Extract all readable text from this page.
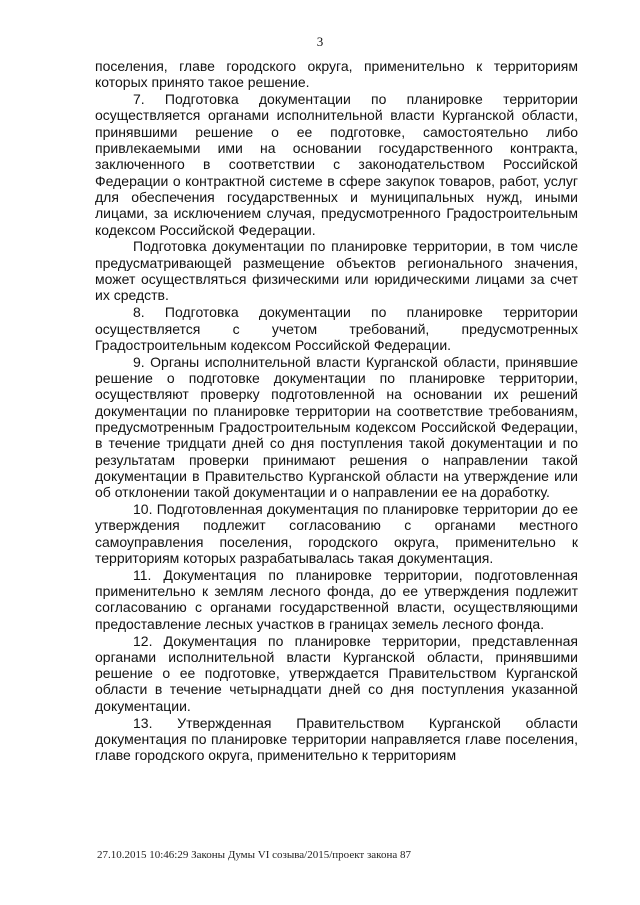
3

поселения, главе городского округа, применительно к территориям которых принято такое решение.

7. Подготовка документации по планировке территории осуществляется органами исполнительной власти Курганской области, принявшими решение о ее подготовке, самостоятельно либо привлекаемыми ими на основании государственного контракта, заключенного в соответствии с законодательством Российской Федерации о контрактной системе в сфере закупок товаров, работ, услуг для обеспечения государственных и муниципальных нужд, иными лицами, за исключением случая, предусмотренного Градостроительным кодексом Российской Федерации.

Подготовка документации по планировке территории, в том числе предусматривающей размещение объектов регионального значения, может осуществляться физическими или юридическими лицами за счет их средств.

8. Подготовка документации по планировке территории осуществляется с учетом требований, предусмотренных Градостроительным кодексом Российской Федерации.

9. Органы исполнительной власти Курганской области, принявшие решение о подготовке документации по планировке территории, осуществляют проверку подготовленной на основании их решений документации по планировке территории на соответствие требованиям, предусмотренным Градостроительным кодексом Российской Федерации, в течение тридцати дней со дня поступления такой документации и по результатам проверки принимают решения о направлении такой документации в Правительство Курганской области на утверждение или об отклонении такой документации и о направлении ее на доработку.

10. Подготовленная документация по планировке территории до ее утверждения подлежит согласованию с органами местного самоуправления поселения, городского округа, применительно к территориям которых разрабатывалась такая документация.

11. Документация по планировке территории, подготовленная применительно к землям лесного фонда, до ее утверждения подлежит согласованию с органами государственной власти, осуществляющими предоставление лесных участков в границах земель лесного фонда.

12. Документация по планировке территории, представленная органами исполнительной власти Курганской области, принявшими решение о ее подготовке, утверждается Правительством Курганской области в течение четырнадцати дней со дня поступления указанной документации.

13. Утвержденная Правительством Курганской области документация по планировке территории направляется главе поселения, главе городского округа, применительно к территориям

27.10.2015 10:46:29 Законы Думы VI созыва/2015/проект закона 87
